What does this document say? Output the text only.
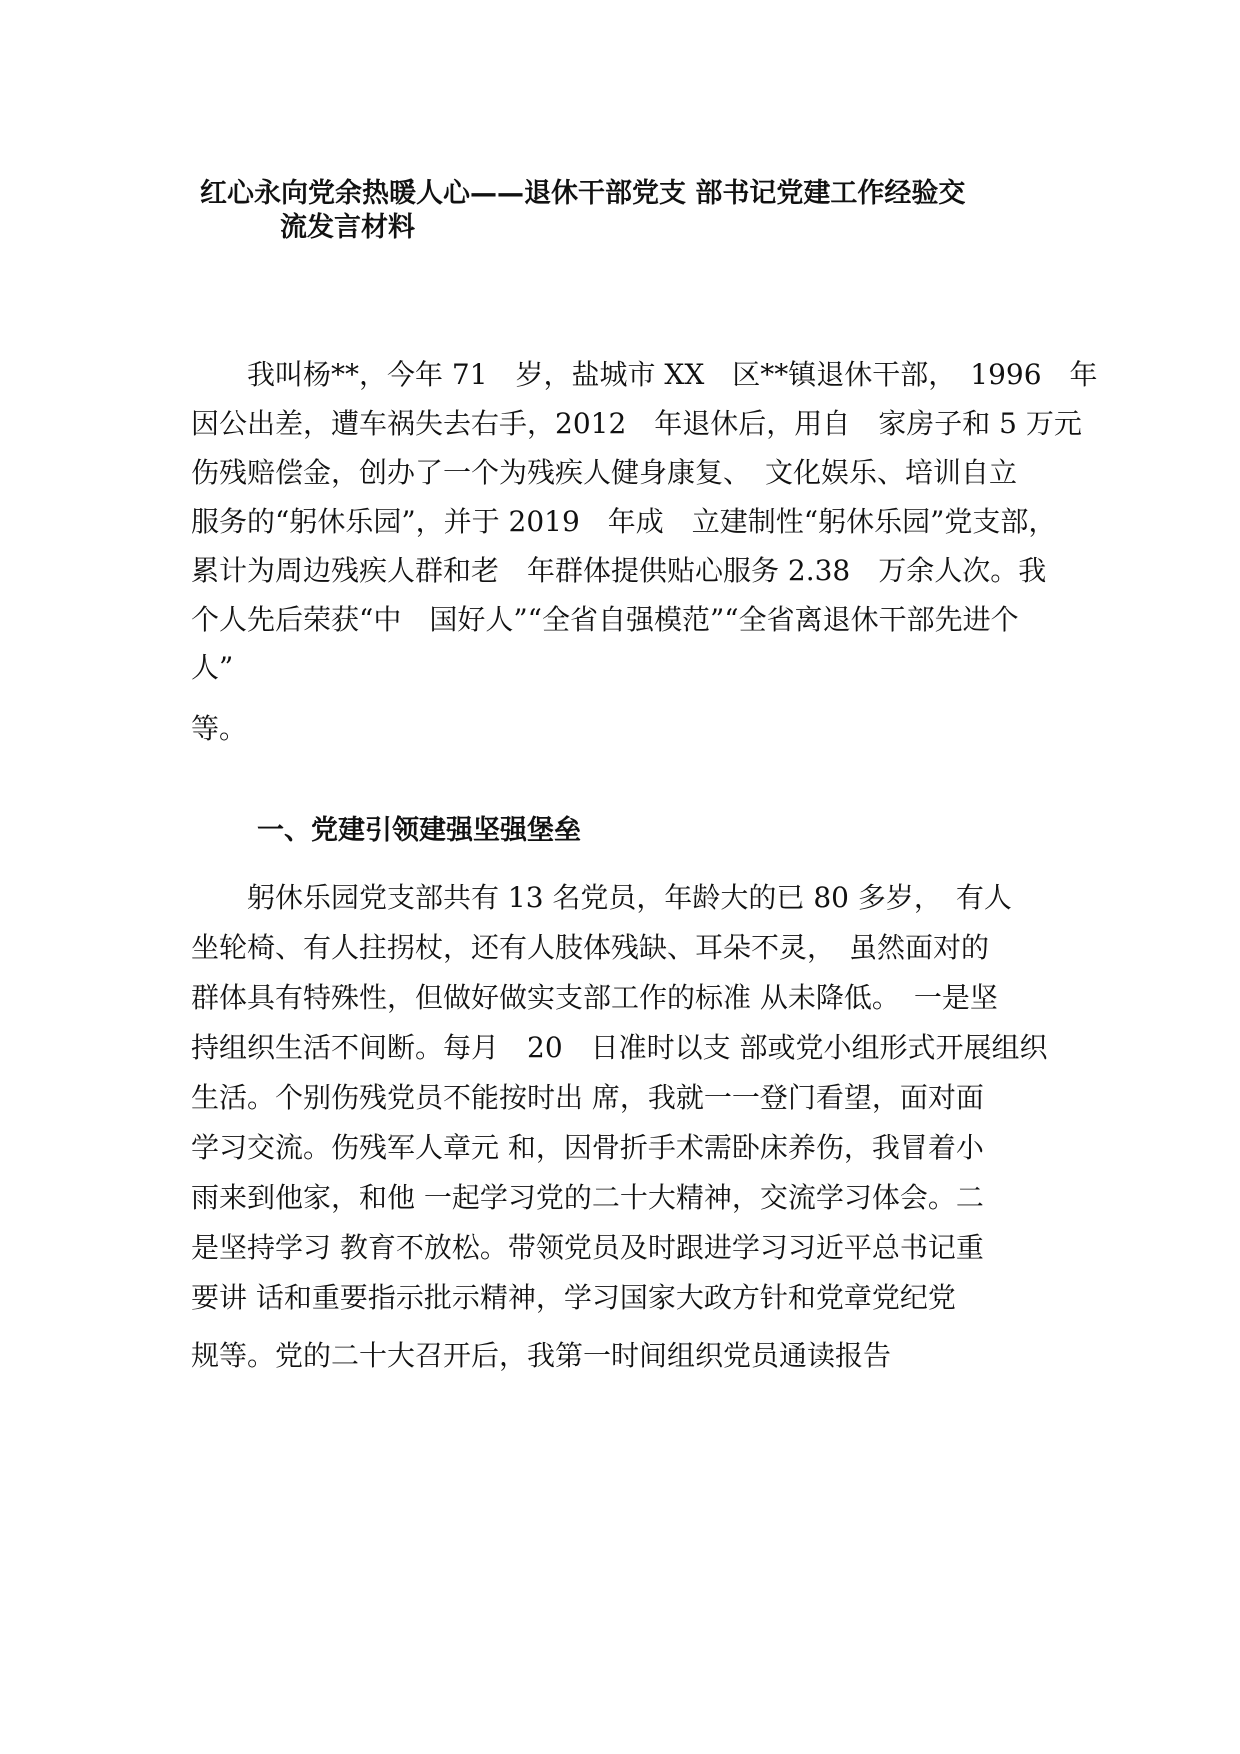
红心永向党余热暖人心——退休干部党支 部书记党建工作经验交
流发言材料
　　我叫杨**，今年 71　岁，盐城市 XX　区**镇退休干部，　1996　年
因公出差，遭车祸失去右手，2012　年退休后，用自　家房子和 5 万元
伤残赔偿金，创办了一个为残疾人健身康复、　文化娱乐、培训自立
服务的“躬休乐园”，并于 2019　年成　立建制性“躬休乐园”党支部，
累计为周边残疾人群和老　年群体提供贴心服务 2.38　万余人次。我
个人先后荣获“中　国好人”“全省自强模范”“全省离退休干部先进个
人”
等。
一、党建引领建强坚强堡垒
　　躬休乐园党支部共有 13 名党员，年龄大的已 80 多岁，　有人
坐轮椅、有人拄拐杖，还有人肢体残缺、耳朵不灵，　虽然面对的
群体具有特殊性，但做好做实支部工作的标准 从未降低。　一是坚
持组织生活不间断。每月　20　日准时以支 部或党小组形式开展组织
生活。个别伤残党员不能按时出 席，我就一一登门看望，面对面
学习交流。伤残军人章元 和，因骨折手术需卧床养伤，我冒着小
雨来到他家，和他 一起学习党的二十大精神，交流学习体会。二
是坚持学习 教育不放松。带领党员及时跟进学习习近平总书记重
要讲 话和重要指示批示精神，学习国家大政方针和党章党纪党
规等。党的二十大召开后，我第一时间组织党员通读报告
